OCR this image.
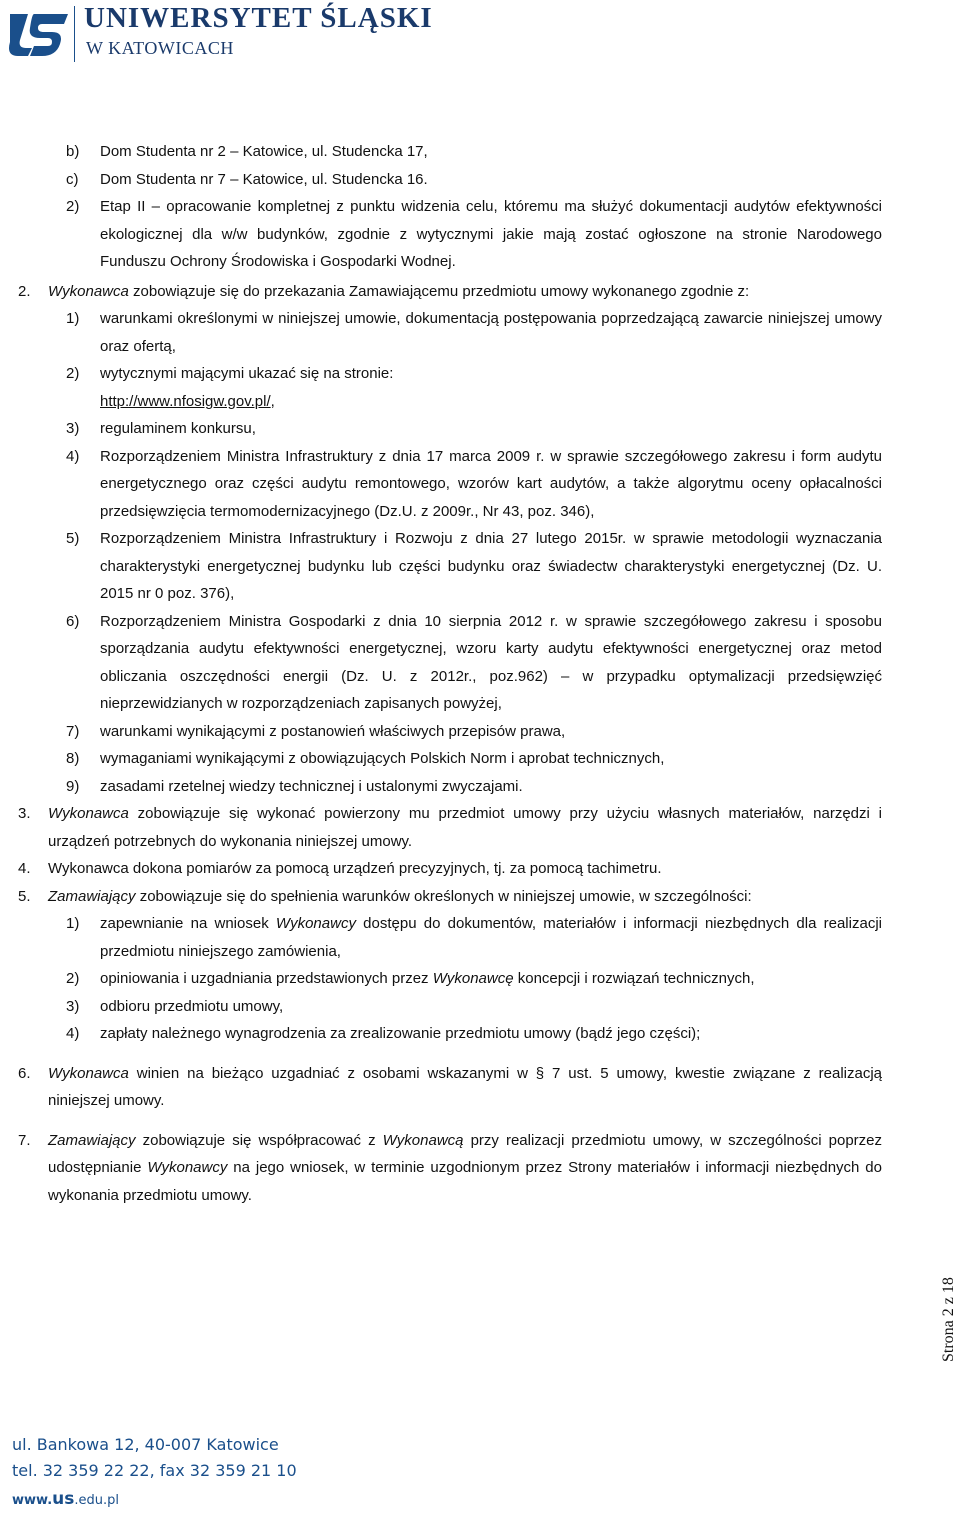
UNIWERSYTET ŚLĄSKI
W KATOWICACH
b) Dom Studenta nr 2 – Katowice, ul. Studencka 17,
c) Dom Studenta nr 7 – Katowice, ul. Studencka 16.
2) Etap II – opracowanie kompletnej z punktu widzenia celu, któremu ma służyć dokumentacji audytów efektywności ekologicznej dla w/w budynków, zgodnie z wytycznymi jakie mają zostać ogłoszone na stronie Narodowego Funduszu Ochrony Środowiska i Gospodarki Wodnej.
2. Wykonawca zobowiązuje się do przekazania Zamawiającemu przedmiotu umowy wykonanego zgodnie z:
1) warunkami określonymi w niniejszej umowie, dokumentacją postępowania poprzedzającą zawarcie niniejszej umowy oraz ofertą,
2) wytycznymi mającymi ukazać się na stronie:
http://www.nfosigw.gov.pl/,
3) regulaminem konkursu,
4) Rozporządzeniem Ministra Infrastruktury z dnia 17 marca 2009 r. w sprawie szczegółowego zakresu i form audytu energetycznego oraz części audytu remontowego, wzorów kart audytów, a także algorytmu oceny opłacalności przedsięwzięcia termomodernizacyjnego (Dz.U. z 2009r., Nr 43, poz. 346),
5) Rozporządzeniem Ministra Infrastruktury i Rozwoju z dnia 27 lutego 2015r. w sprawie metodologii wyznaczania charakterystyki energetycznej budynku lub części budynku oraz świadectw charakterystyki energetycznej (Dz. U. 2015 nr 0 poz. 376),
6) Rozporządzeniem Ministra Gospodarki z dnia 10 sierpnia 2012 r. w sprawie szczegółowego zakresu i sposobu sporządzania audytu efektywności energetycznej, wzoru karty audytu efektywności energetycznej oraz metod obliczania oszczędności energii (Dz. U. z 2012r., poz.962) – w przypadku optymalizacji przedsięwzięć nieprzewidzianych w rozporządzeniach zapisanych powyżej,
7) warunkami wynikającymi z postanowień właściwych przepisów prawa,
8) wymaganiami wynikającymi z obowiązujących Polskich Norm i aprobat technicznych,
9) zasadami rzetelnej wiedzy technicznej i ustalonymi zwyczajami.
3. Wykonawca zobowiązuje się wykonać powierzony mu przedmiot umowy przy użyciu własnych materiałów, narzędzi i urządzeń potrzebnych do wykonania niniejszej umowy.
4. Wykonawca dokona pomiarów za pomocą urządzeń precyzyjnych, tj. za pomocą tachimetru.
5. Zamawiający zobowiązuje się do spełnienia warunków określonych w niniejszej umowie, w szczególności:
1) zapewnianie na wniosek Wykonawcy dostępu do dokumentów, materiałów i informacji niezbędnych dla realizacji przedmiotu niniejszego zamówienia,
2) opiniowania i uzgadniania przedstawionych przez Wykonawcę koncepcji i rozwiązań technicznych,
3) odbioru przedmiotu umowy,
4) zapłaty należnego wynagrodzenia za zrealizowanie przedmiotu umowy (bądź jego części);
6. Wykonawca winien na bieżąco uzgadniać z osobami wskazanymi w § 7 ust. 5 umowy, kwestie związane z realizacją niniejszej umowy.
7. Zamawiający zobowiązuje się współpracować z Wykonawcą przy realizacji przedmiotu umowy, w szczególności poprzez udostępnianie Wykonawcy na jego wniosek, w terminie uzgodnionym przez Strony materiałów i informacji niezbędnych do wykonania przedmiotu umowy.
Strona 2 z 18
ul. Bankowa 12, 40-007 Katowice
tel. 32 359 22 22, fax 32 359 21 10
www.us.edu.pl
